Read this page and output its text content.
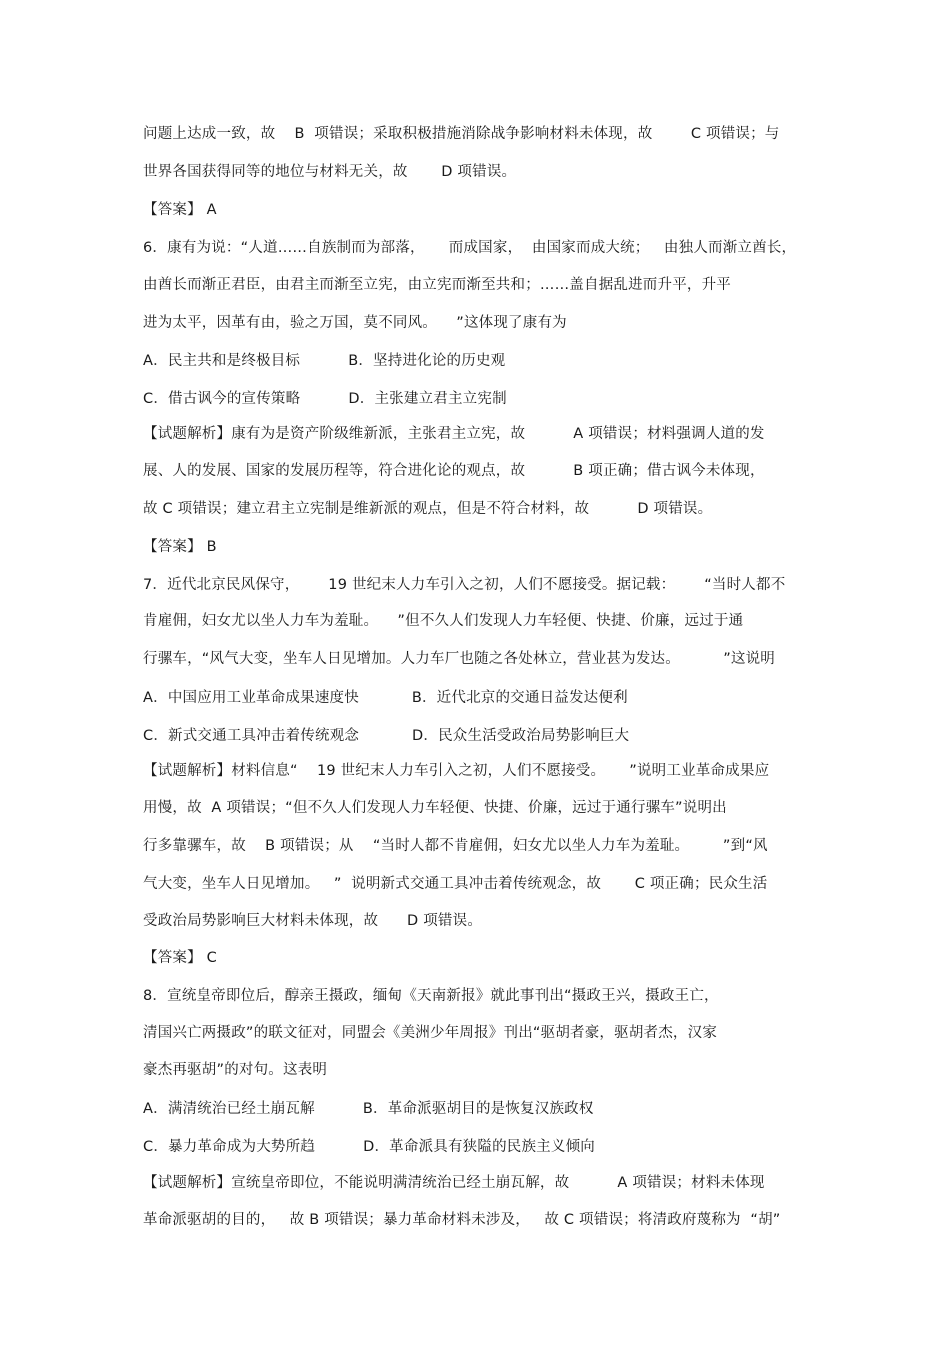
问题上达成一致，故    B  项错误；采取积极措施消除战争影响材料未体现，故        C 项错误；与
世界各国获得同等的地位与材料无关，故       D 项错误。
【答案】 A
6．康有为说：“人道……自族制而为部落，     而成国家，  由国家而成大统；   由独人而渐立酋长，
由酋长而渐正君臣，由君主而渐至立宪，由立宪而渐至共和；……盖自据乱进而升平，升平
进为太平，因革有由，验之万国，莫不同风。    ”这体现了康有为
A．民主共和是终极目标          B．坚持进化论的历史观
C．借古讽今的宣传策略          D．主张建立君主立宪制
【试题解析】康有为是资产阶级维新派，主张君主立宪，故          A 项错误；材料强调人道的发
展、人的发展、国家的发展历程等，符合进化论的观点，故          B 项正确；借古讽今未体现，
故 C 项错误；建立君主立宪制是维新派的观点，但是不符合材料，故          D 项错误。
【答案】 B
7．近代北京民风保守，      19 世纪末人力车引入之初，人们不愿接受。据记载：      “当时人都不
肯雇佣，妇女尤以坐人力车为羞耻。    ”但不久人们发现人力车轻便、快捷、价廉，远过于通
行骡车，“风气大变，坐车人日见增加。人力车厂也随之各处林立，营业甚为发达。         ”这说明
A．中国应用工业革命成果速度快           B．近代北京的交通日益发达便利
C．新式交通工具冲击着传统观念           D．民众生活受政治局势影响巨大
【试题解析】材料信息“    19 世纪末人力车引入之初，人们不愿接受。     ”说明工业革命成果应
用慢，故  A 项错误；“但不久人们发现人力车轻便、快捷、价廉，远过于通行骡车”说明出
行多靠骡车，故    B 项错误；从    “当时人都不肯雇佣，妇女尤以坐人力车为羞耻。       ”到“风
气大变，坐车人日见增加。   ”  说明新式交通工具冲击着传统观念，故       C 项正确；民众生活
受政治局势影响巨大材料未体现，故      D 项错误。
【答案】 C
8．宣统皇帝即位后，醇亲王摄政，缅甸《天南新报》就此事刊出“摄政王兴，摄政王亡，
清国兴亡两摄政”的联文征对，同盟会《美洲少年周报》刊出“驱胡者豪，驱胡者杰，汉家
豪杰再驱胡”的对句。这表明
A．满清统治已经土崩瓦解          B．革命派驱胡目的是恢复汉族政权
C．暴力革命成为大势所趋          D．革命派具有狭隘的民族主义倾向
【试题解析】宣统皇帝即位，不能说明满清统治已经土崩瓦解，故          A 项错误；材料未体现
革命派驱胡的目的，   故 B 项错误；暴力革命材料未涉及，   故 C 项错误；将清政府蔑称为  “胡”
